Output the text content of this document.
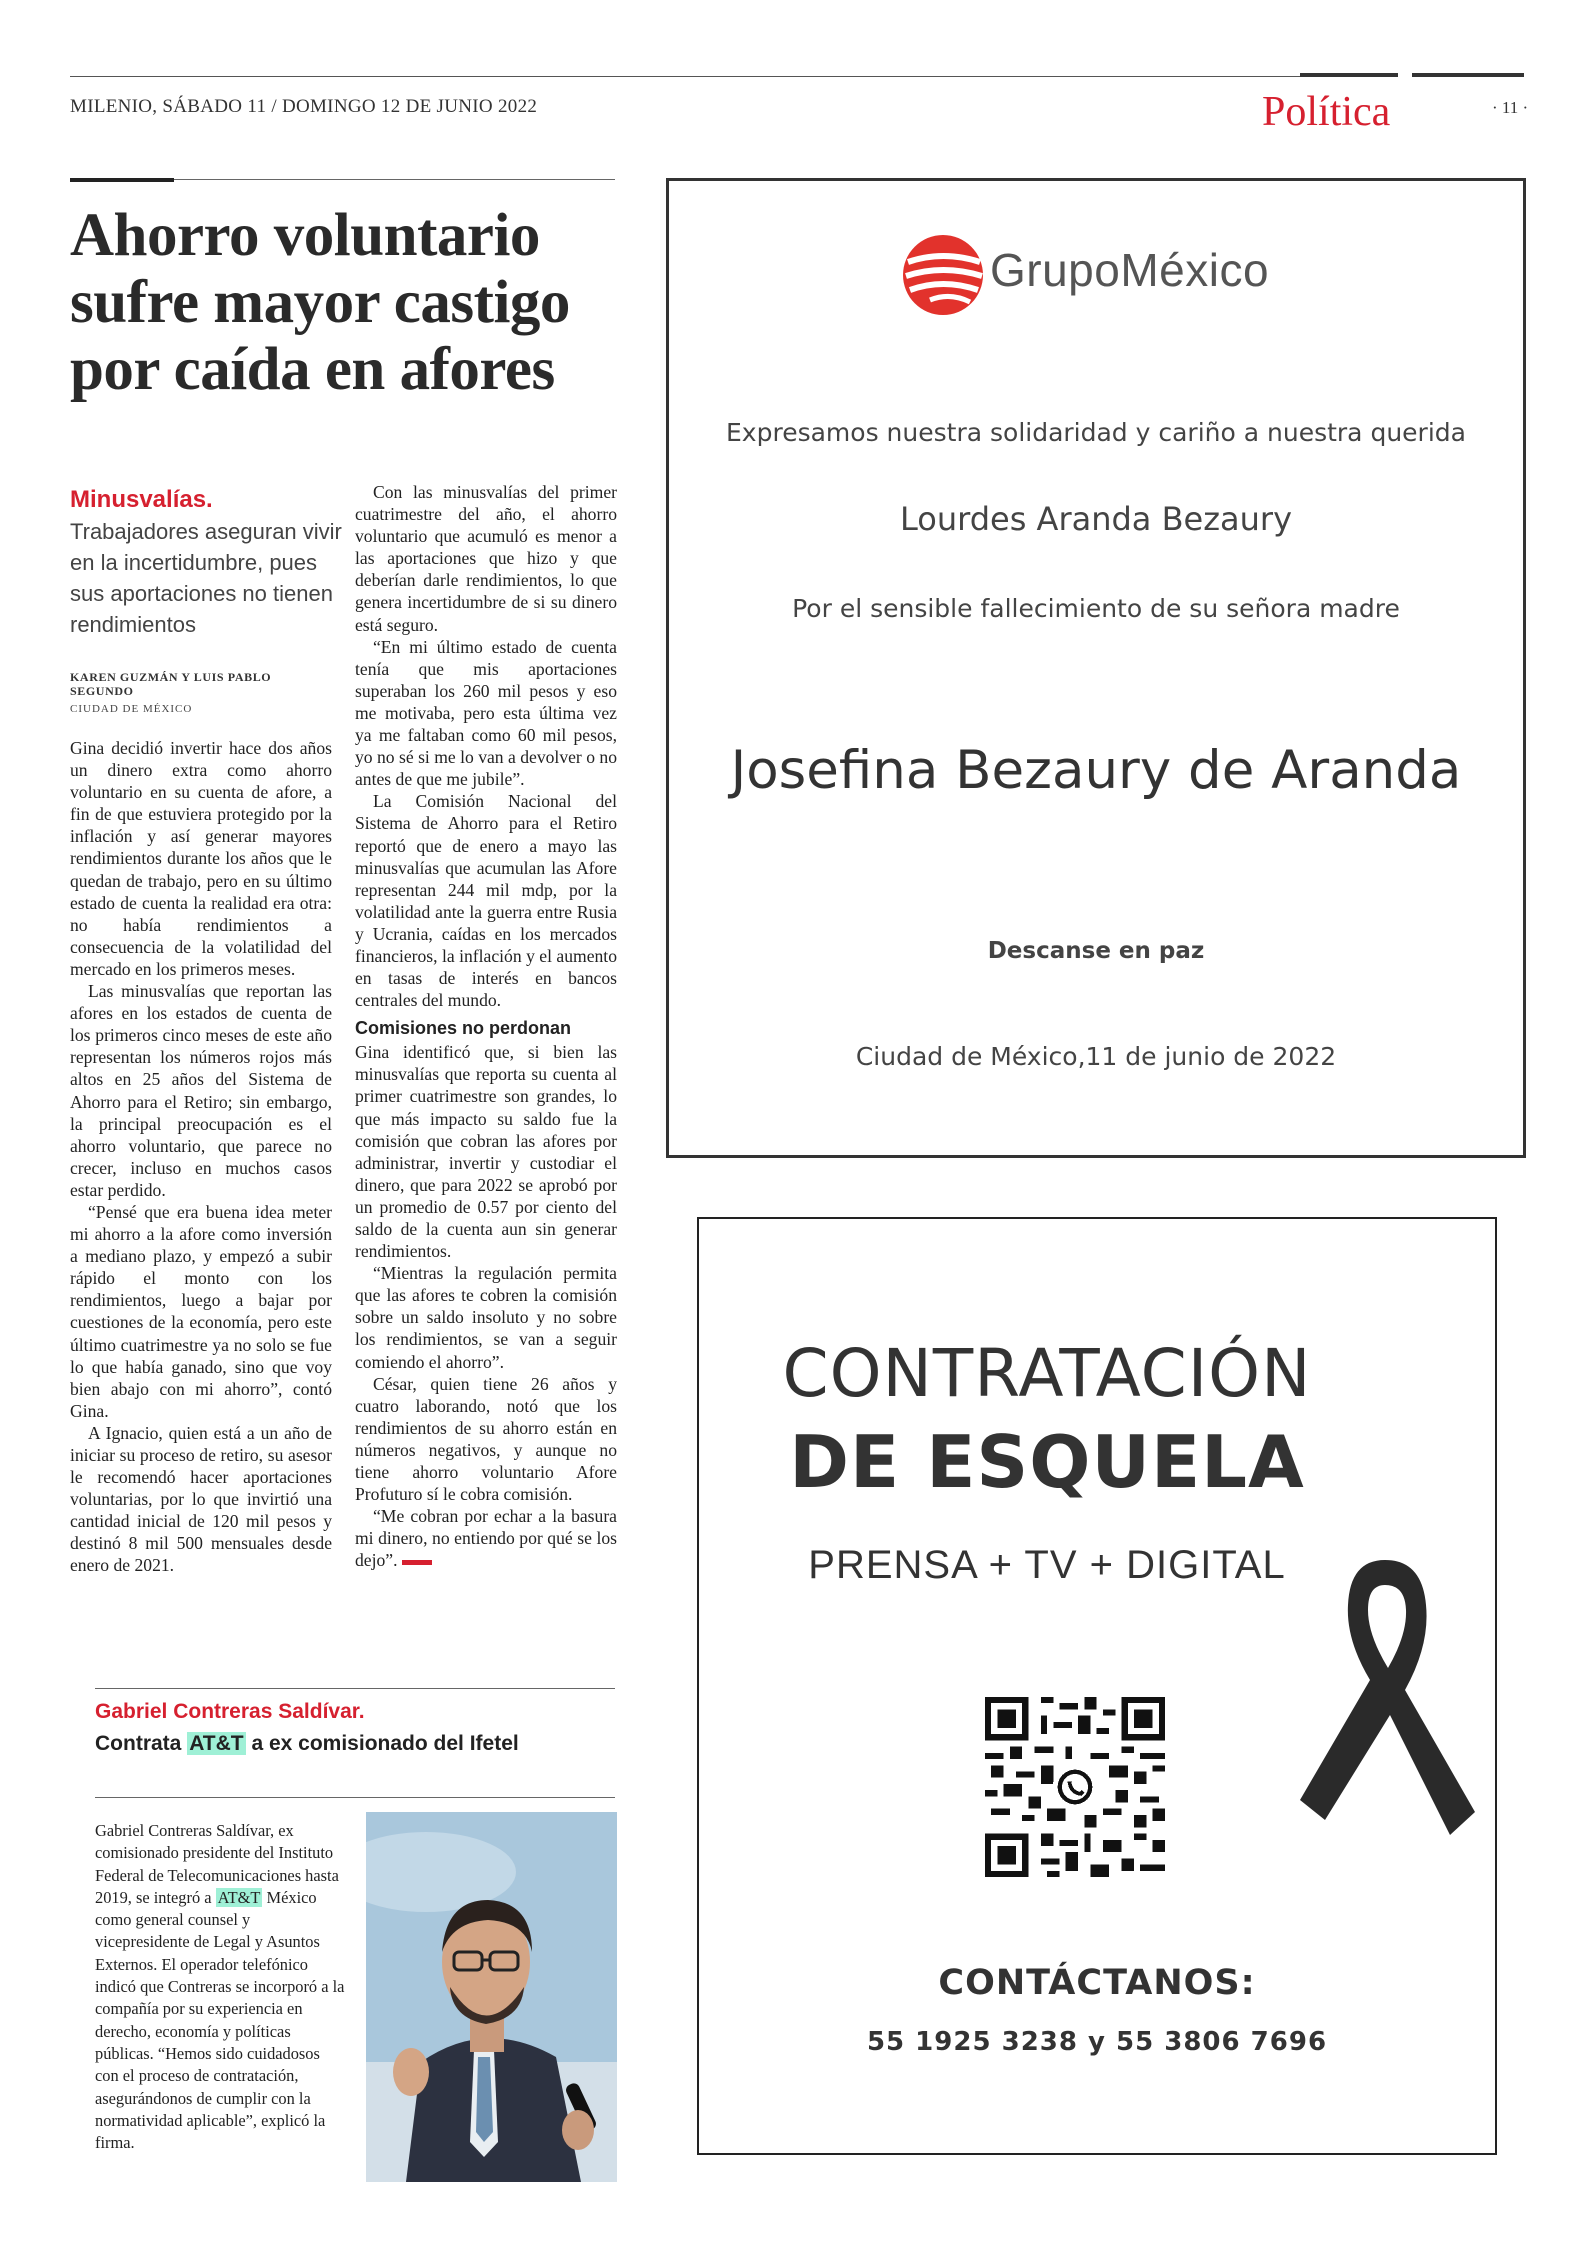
MILENIO, SÁBADO 11 / DOMINGO 12 DE JUNIO 2022	Política	· 11 ·
Ahorro voluntario sufre mayor castigo por caída en afores
Minusvalías.
Trabajadores aseguran vivir en la incertidumbre, pues sus aportaciones no tienen rendimientos
KAREN GUZMÁN Y LUIS PABLO SEGUNDO
CIUDAD DE MÉXICO

Gina decidió invertir hace dos años un dinero extra como ahorro voluntario en su cuenta de afore, a fin de que estuviera protegido por la inflación y así generar mayores rendimientos durante los años que le quedan de trabajo, pero en su último estado de cuenta la realidad era otra: no había rendimientos a consecuencia de la volatilidad del mercado en los primeros meses.

Las minusvalías que reportan las afores en los estados de cuenta de los primeros cinco meses de este año representan los números rojos más altos en 25 años del Sistema de Ahorro para el Retiro; sin embargo, la principal preocupación es el ahorro voluntario, que parece no crecer, incluso en muchos casos estar perdido.

“Pensé que era buena idea meter mi ahorro a la afore como inversión a mediano plazo, y empezó a subir rápido el monto con los rendimientos, luego a bajar por cuestiones de la economía, pero este último cuatrimestre ya no solo se fue lo que había ganado, sino que voy bien abajo con mi ahorro”, contó Gina.

A Ignacio, quien está a un año de iniciar su proceso de retiro, su asesor le recomendó hacer aportaciones voluntarias, por lo que invirtió una cantidad inicial de 120 mil pesos y destinó 8 mil 500 mensuales desde enero de 2021.

Con las minusvalías del primer cuatrimestre del año, el ahorro voluntario que acumuló es menor a las aportaciones que hizo y que deberían darle rendimientos, lo que genera incertidumbre de si su dinero está seguro.

“En mi último estado de cuenta tenía que mis aportaciones superaban los 260 mil pesos y eso me motivaba, pero esta última vez ya me faltaban como 60 mil pesos, yo no sé si me lo van a devolver o no antes de que me jubile”.

La Comisión Nacional del Sistema de Ahorro para el Retiro reportó que de enero a mayo las minusvalías que acumulan las Afore representan 244 mil mdp, por la volatilidad ante la guerra entre Rusia y Ucrania, caídas en los mercados financieros, la inflación y el aumento en tasas de interés en bancos centrales del mundo.

Comisiones no perdonan

Gina identificó que, si bien las minusvalías que reporta su cuenta al primer cuatrimestre son grandes, lo que más impacto su saldo fue la comisión que cobran las afores por administrar, invertir y custodiar el dinero, que para 2022 se aprobó por un promedio de 0.57 por ciento del saldo de la cuenta aun sin generar rendimientos.

“Mientras la regulación permita que las afores te cobren la comisión sobre un saldo insoluto y no sobre los rendimientos, se van a seguir comiendo el ahorro”.

César, quien tiene 26 años y cuatro laborando, notó que los rendimientos de su ahorro están en números negativos, y aunque no tiene ahorro voluntario Afore Profuturo sí le cobra comisión.

“Me cobran por echar a la basura mi dinero, no entiendo por qué se los dejo”.

Gabriel Contreras Saldívar.
Contrata AT&T a ex comisionado del Ifetel
Gabriel Contreras Saldívar, ex comisionado presidente del Instituto Federal de Telecomunicaciones hasta 2019, se integró a AT&T México como general counsel y vicepresidente de Legal y Asuntos Externos. El operador telefónico indicó que Contreras se incorporó a la compañía por su experiencia en derecho, economía y políticas públicas. “Hemos sido cuidadosos con el proceso de contratación, asegurándonos de cumplir con la normatividad aplicable”, explicó la firma.
GrupoMéxico
Expresamos nuestra solidaridad y cariño a nuestra querida
Lourdes Aranda Bezaury
Por el sensible fallecimiento de su señora madre
Josefina Bezaury de Aranda
Descanse en paz
Ciudad de México,11 de junio de 2022
CONTRATACIÓN
DE ESQUELA
PRENSA + TV + DIGITAL
CONTÁCTANOS:
55 1925 3238 y 55 3806 7696
